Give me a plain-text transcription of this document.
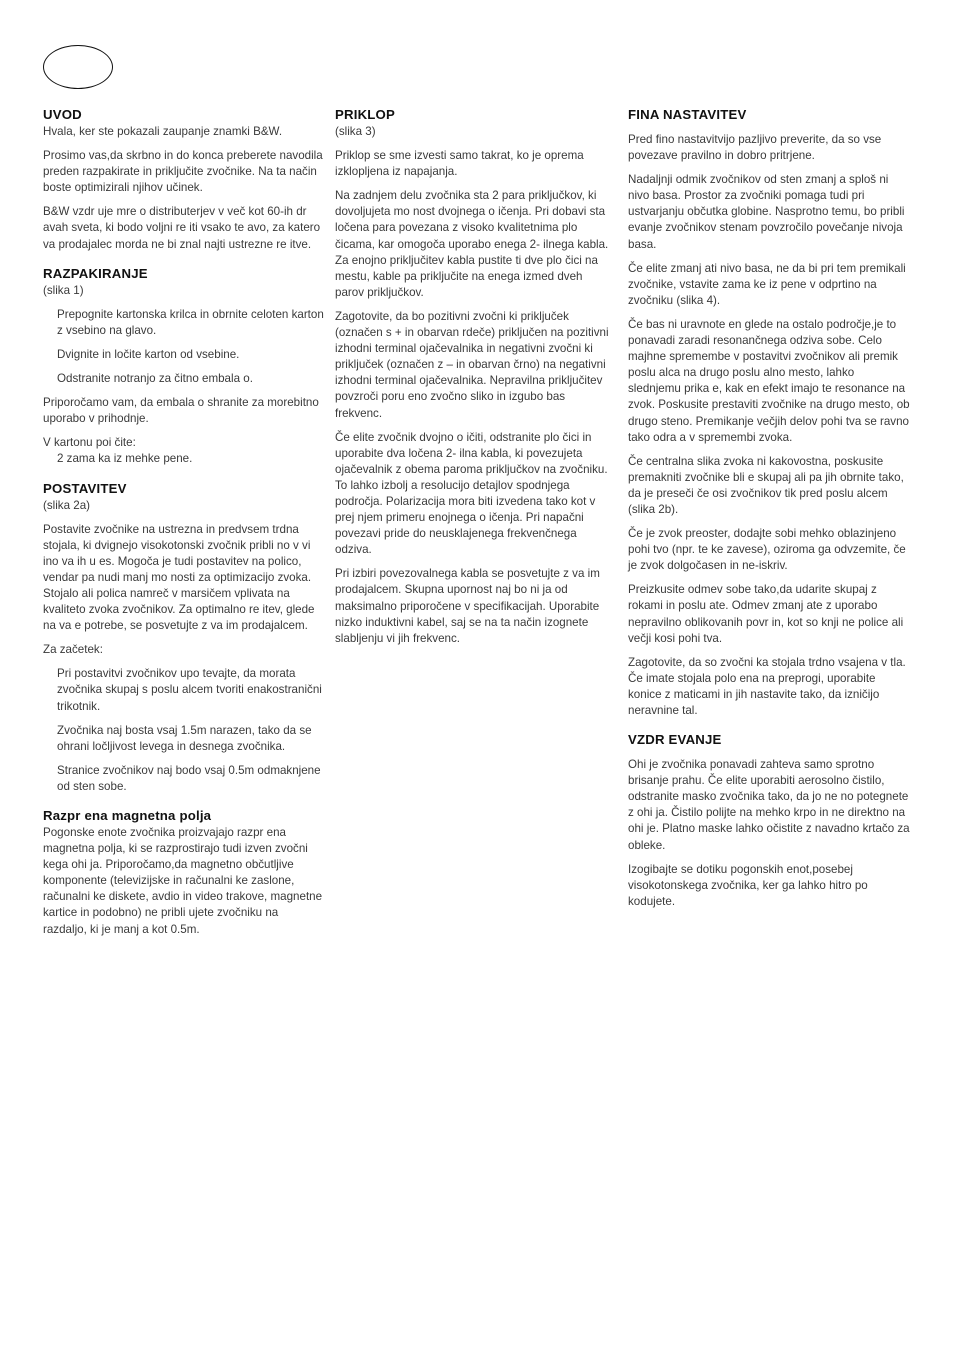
UVOD

Hvala, ker ste pokazali zaupanje znamki B&W.

Prosimo vas,da skrbno in do konca preberete navodila preden razpakirate in priključite zvočnike. Na ta način boste optimizirali njihov učinek.

B&W vzdr uje mre o distributerjev v več kot 60-ih dr avah sveta, ki bodo voljni re iti vsako te avo, za katero va prodajalec morda ne bi znal najti ustrezne re itve.

RAZPAKIRANJE
(slika 1)

Prepognite kartonska krilca in obrnite celoten karton z vsebino na glavo.

Dvignite in ločite karton od vsebine.

Odstranite notranjo za čitno embala o.

Priporočamo vam, da embala o shranite za morebitno uporabo v prihodnje.

V kartonu poi čite:

2 zama ka iz mehke pene.

POSTAVITEV
(slika 2a)

Postavite zvočnike na ustrezna in predvsem trdna stojala, ki dvignejo visokotonski zvočnik pribli no v vi ino va ih u es. Mogoča je tudi postavitev na polico, vendar pa nudi manj mo nosti za optimizacijo zvoka. Stojalo ali polica namreč v marsičem vplivata na kvaliteto zvoka zvočnikov. Za optimalno re itev, glede na va e potrebe, se posvetujte z va im prodajalcem.

Za začetek:

Pri postavitvi zvočnikov upo tevajte, da morata zvočnika skupaj s poslu alcem tvoriti enakostranični trikotnik.

Zvočnika naj bosta vsaj 1.5m narazen, tako da se ohrani ločljivost levega in desnega zvočnika.

Stranice zvočnikov naj bodo vsaj 0.5m odmaknjene od sten sobe.

Razpr ena magnetna polja

Pogonske enote zvočnika proizvajajo razpr ena magnetna polja, ki se razprostirajo tudi izven zvočni kega ohi ja. Priporočamo,da magnetno občutljive komponente (televizijske in računalni ke zaslone, računalni ke diskete, avdio in video trakove, magnetne kartice in podobno) ne pribli ujete zvočniku na razdaljo, ki je manj a kot 0.5m.

PRIKLOP
(slika 3)

Priklop se sme izvesti samo takrat, ko je oprema izklopljena iz napajanja.

Na zadnjem delu zvočnika sta 2 para priključkov, ki dovoljujeta mo nost dvojnega o ičenja. Pri dobavi sta ločena para povezana z visoko kvalitetnima plo čicama, kar omogoča uporabo enega 2- ilnega kabla. Za enojno priključitev kabla pustite ti dve plo čici na mestu, kable pa priključite na enega izmed dveh parov priključkov.

Zagotovite, da bo pozitivni zvočni ki priključek (označen s + in obarvan rdeče) priključen na pozitivni izhodni terminal ojačevalnika in negativni zvočni ki priključek (označen z – in obarvan črno) na negativni izhodni terminal ojačevalnika. Nepravilna priključitev povzroči poru eno zvočno sliko in izgubo bas frekvenc.

Če elite zvočnik dvojno o ičiti, odstranite plo čici in uporabite dva ločena 2- ilna kabla, ki povezujeta ojačevalnik z obema paroma priključkov na zvočniku. To lahko izbolj a resolucijo detajlov spodnjega področja. Polarizacija mora biti izvedena tako kot v prej njem primeru enojnega o ičenja. Pri napačni povezavi pride do neusklajenega frekvenčnega odziva.

Pri izbiri povezovalnega kabla se posvetujte z va im prodajalcem. Skupna upornost naj bo ni ja od maksimalno priporočene v specifikacijah. Uporabite nizko induktivni kabel, saj se na ta način izognete slabljenju vi jih frekvenc.

FINA NASTAVITEV

Pred fino nastavitvijo pazljivo preverite, da so vse povezave pravilno in dobro pritrjene.

Nadaljnji odmik zvočnikov od sten zmanj a sploš ni nivo basa. Prostor za zvočniki pomaga tudi pri ustvarjanju občutka globine. Nasprotno temu, bo pribli evanje zvočnikov stenam povzročilo povečanje nivoja basa.

Če elite zmanj ati nivo basa, ne da bi pri tem premikali zvočnike, vstavite zama ke iz pene v odprtino na zvočniku (slika 4).

Če bas ni uravnote en glede na ostalo področje,je to ponavadi zaradi resonančnega odziva sobe. Celo majhne spremembe v postavitvi zvočnikov ali premik poslu alca na drugo poslu alno mesto, lahko slednjemu prika e, kak en efekt imajo te resonance na zvok. Poskusite prestaviti zvočnike na drugo mesto, ob drugo steno. Premikanje večjih delov pohi tva se ravno tako odra a v spremembi zvoka.

Če centralna slika zvoka ni kakovostna, poskusite premakniti zvočnike bli e skupaj ali pa jih obrnite tako, da je preseči če osi zvočnikov tik pred poslu alcem (slika 2b).

Če je zvok preoster, dodajte sobi mehko oblazinjeno pohi tvo (npr. te ke zavese), oziroma ga odvzemite, če je zvok dolgočasen in ne-iskriv.

Preizkusite odmev sobe tako,da udarite skupaj z rokami in poslu ate. Odmev zmanj ate z uporabo nepravilno oblikovanih povr in, kot so knji ne police ali večji kosi pohi tva.

Zagotovite, da so zvočni ka stojala trdno vsajena v tla. Če imate stojala polo ena na preprogi, uporabite konice z maticami in jih nastavite tako, da izničijo neravnine tal.

VZDR EVANJE

Ohi je zvočnika ponavadi zahteva samo sprotno brisanje prahu. Če elite uporabiti aerosolno čistilo, odstranite masko zvočnika tako, da jo ne no potegnete z ohi ja. Čistilo polijte na mehko krpo in ne direktno na ohi je. Platno maske lahko očistite z navadno krtačo za obleke.

Izogibajte se dotiku pogonskih enot,posebej visokotonskega zvočnika, ker ga lahko hitro po kodujete.
